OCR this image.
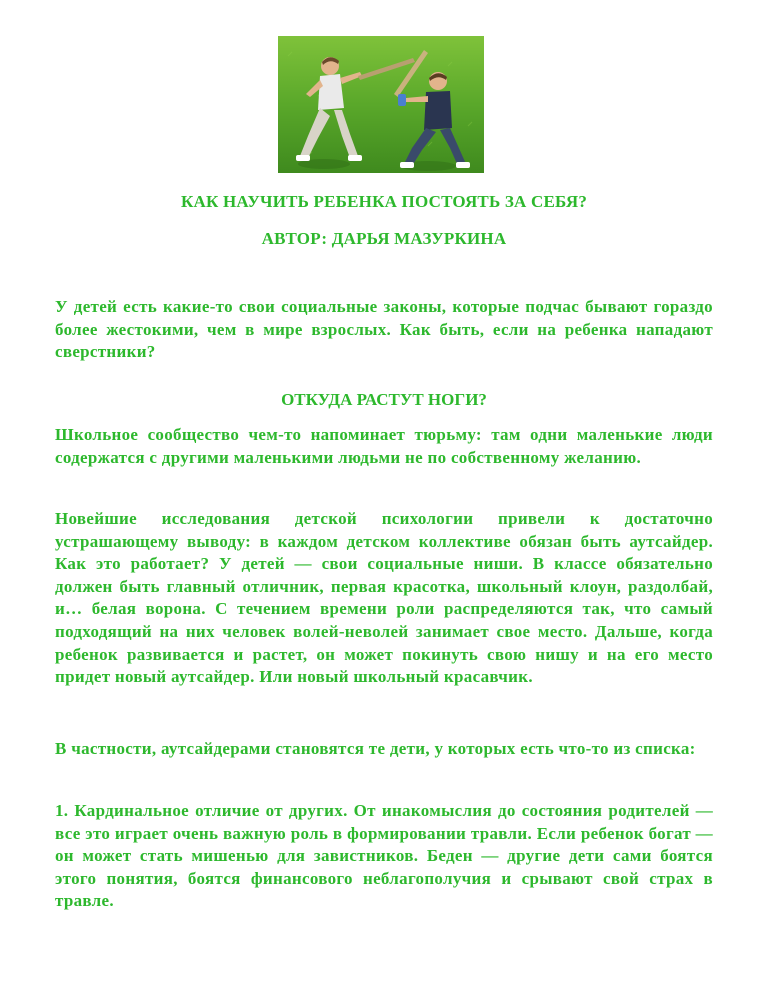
КАК НАУЧИТЬ РЕБЕНКА ПОСТОЯТЬ ЗА СЕБЯ?
АВТОР: ДАРЬЯ МАЗУРКИНА

У детей есть какие-то свои социальные законы, которые подчас бывают гораздо более жестокими, чем в мире взрослых. Как быть, если на ребенка нападают сверстники?

ОТКУДА РАСТУТ НОГИ?

Школьное сообщество чем-то напоминает тюрьму: там одни маленькие люди содержатся с другими маленькими людьми не по собственному желанию.

Новейшие исследования детской психологии привели к достаточно устрашающему выводу: в каждом детском коллективе обязан быть аутсайдер. Как это работает? У детей — свои социальные ниши. В классе обязательно должен быть главный отличник, первая красотка, школьный клоун, раздолбай, и… белая ворона. С течением времени роли распределяются так, что самый подходящий на них человек волей-неволей занимает свое место. Дальше, когда ребенок развивается и растет, он может покинуть свою нишу и на его место придет новый аутсайдер. Или новый школьный красавчик.

В частности, аутсайдерами становятся те дети, у которых есть что-то из списка:

1. Кардинальное отличие от других. От инакомыслия до состояния родителей — все это играет очень важную роль в формировании травли. Если ребенок богат — он может стать мишенью для завистников. Беден — другие дети сами боятся этого понятия, боятся финансового неблагополучия и срывают свой страх в травле.
